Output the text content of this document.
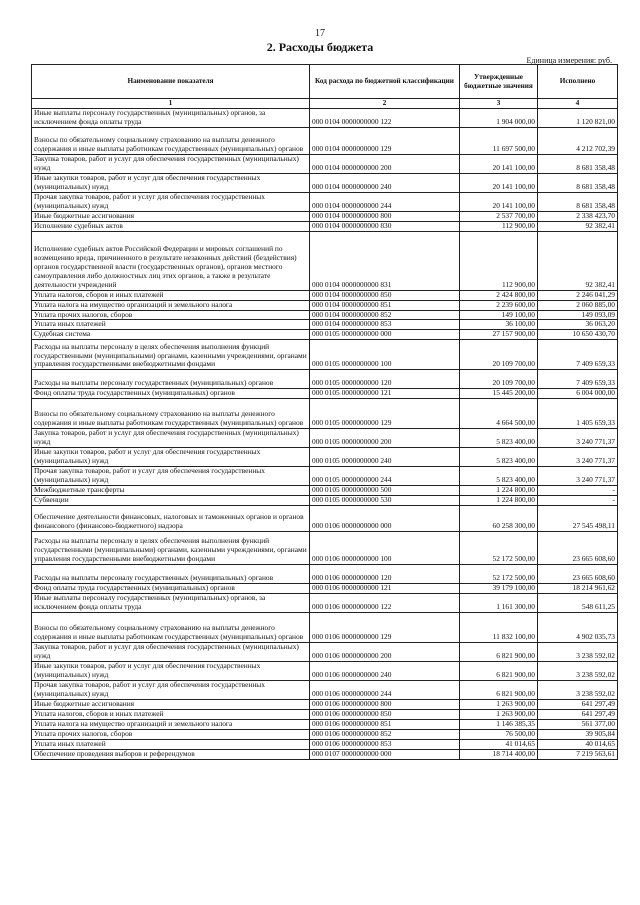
17
2. Расходы бюджета
Единица измерения: руб.
Наименование показателя	Код расхода по бюджетной классификации	Утвержденные бюджетные значения	Исполнено
1	2	3	4
Иные выплаты персоналу государственных (муниципальных) органов, за исключением фонда оплаты труда	000 0104 0000000000 122	1 904 000,00	1 120 821,00
Взносы по обязательному социальному страхованию на выплаты денежного содержания и иные выплаты работникам государственных (муниципальных) органов	000 0104 0000000000 129	11 697 500,00	4 212 702,39
Закупка товаров, работ и услуг для обеспечения государственных (муниципальных) нужд	000 0104 0000000000 200	20 141 100,00	8 681 358,48
Иные закупки товаров, работ и услуг для обеспечения государственных (муниципальных) нужд	000 0104 0000000000 240	20 141 100,00	8 681 358,48
Прочая закупка товаров, работ и услуг для обеспечения государственных (муниципальных) нужд	000 0104 0000000000 244	20 141 100,00	8 681 358,48
Иные бюджетные ассигнования	000 0104 0000000000 800	2 537 700,00	2 338 423,70
Исполнение судебных актов	000 0104 0000000000 830	112 900,00	92 382,41
Исполнение судебных актов Российской Федерации и мировых соглашений по возмещению вреда, причиненного в результате незаконных действий (бездействия) органов государственной власти (государственных органов), органов местного самоуправления либо должностных лиц этих органов, а также в результате деятельности учреждений	000 0104 0000000000 831	112 900,00	92 382,41
Уплата налогов, сборов и иных платежей	000 0104 0000000000 850	2 424 800,00	2 246 041,29
Уплата налога на имущество организаций и земельного налога	000 0104 0000000000 851	2 239 600,00	2 060 885,00
Уплата прочих налогов, сборов	000 0104 0000000000 852	149 100,00	149 093,09
Уплата иных платежей	000 0104 0000000000 853	36 100,00	36 063,20
Судебная система	000 0105 0000000000 000	27 157 900,00	10 650 430,70
Расходы на выплаты персоналу в целях обеспечения выполнения функций государственными (муниципальными) органами, казенными учреждениями, органами управления государственными внебюджетными фондами	000 0105 0000000000 100	20 109 700,00	7 409 659,33
Расходы на выплаты персоналу государственных (муниципальных) органов	000 0105 0000000000 120	20 109 700,00	7 409 659,33
Фонд оплаты труда государственных (муниципальных) органов	000 0105 0000000000 121	15 445 200,00	6 004 000,00
Взносы по обязательному социальному страхованию на выплаты денежного содержания и иные выплаты работникам государственных (муниципальных) органов	000 0105 0000000000 129	4 664 500,00	1 405 659,33
Закупка товаров, работ и услуг для обеспечения государственных (муниципальных) нужд	000 0105 0000000000 200	5 823 400,00	3 240 771,37
Иные закупки товаров, работ и услуг для обеспечения государственных (муниципальных) нужд	000 0105 0000000000 240	5 823 400,00	3 240 771,37
Прочая закупка товаров, работ и услуг для обеспечения государственных (муниципальных) нужд	000 0105 0000000000 244	5 823 400,00	3 240 771,37
Межбюджетные трансферты	000 0105 0000000000 500	1 224 800,00	-
Субвенции	000 0105 0000000000 530	1 224 800,00	-
Обеспечение деятельности финансовых, налоговых и таможенных органов и органов финансового (финансово-бюджетного) надзора	000 0106 0000000000 000	60 258 300,00	27 545 498,11
Расходы на выплаты персоналу в целях обеспечения выполнения функций государственными (муниципальными) органами, казенными учреждениями, органами управления государственными внебюджетными фондами	000 0106 0000000000 100	52 172 500,00	23 665 608,60
Расходы на выплаты персоналу государственных (муниципальных) органов	000 0106 0000000000 120	52 172 500,00	23 665 608,60
Фонд оплаты труда государственных (муниципальных) органов	000 0106 0000000000 121	39 179 100,00	18 214 961,62
Иные выплаты персоналу государственных (муниципальных) органов, за исключением фонда оплаты труда	000 0106 0000000000 122	1 161 300,00	548 611,25
Взносы по обязательному социальному страхованию на выплаты денежного содержания и иные выплаты работникам государственных (муниципальных) органов	000 0106 0000000000 129	11 832 100,00	4 902 035,73
Закупка товаров, работ и услуг для обеспечения государственных (муниципальных) нужд	000 0106 0000000000 200	6 821 900,00	3 238 592,02
Иные закупки товаров, работ и услуг для обеспечения государственных (муниципальных) нужд	000 0106 0000000000 240	6 821 900,00	3 238 592,02
Прочая закупка товаров, работ и услуг для обеспечения государственных (муниципальных) нужд	000 0106 0000000000 244	6 821 900,00	3 238 592,02
Иные бюджетные ассигнования	000 0106 0000000000 800	1 263 900,00	641 297,49
Уплата налогов, сборов и иных платежей	000 0106 0000000000 850	1 263 900,00	641 297,49
Уплата налога на имущество организаций и земельного налога	000 0106 0000000000 851	1 146 385,35	561 377,00
Уплата прочих налогов, сборов	000 0106 0000000000 852	76 500,00	39 905,84
Уплата иных платежей	000 0106 0000000000 853	41 014,65	40 014,65
Обеспечение проведения выборов и референдумов	000 0107 0000000000 000	18 714 400,00	7 219 563,61
